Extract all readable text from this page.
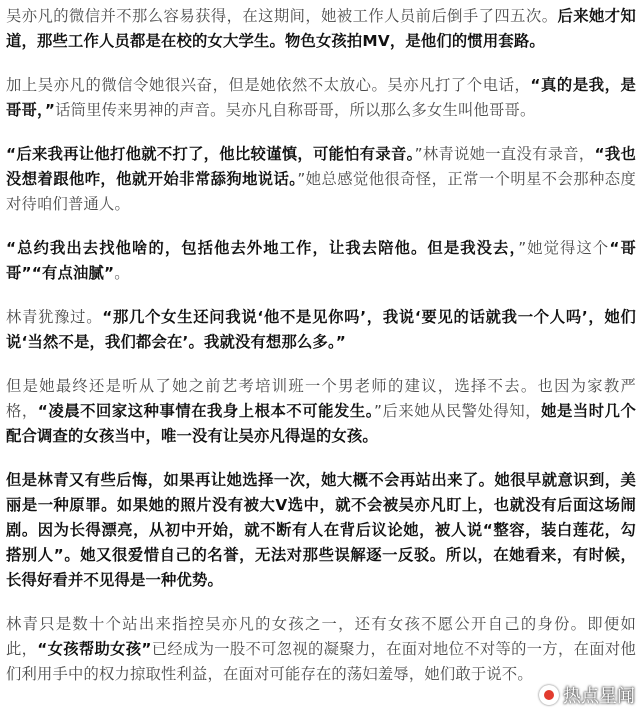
吴亦凡的微信并不那么容易获得，在这期间，她被工作人员前后倒手了四五次。后来她才知道，那些工作人员都是在校的女大学生。物色女孩拍MV，是他们的惯用套路。

加上吴亦凡的微信令她很兴奋，但是她依然不太放心。吴亦凡打了个电话，“真的是我，是哥哥，”话筒里传来男神的声音。吴亦凡自称哥哥，所以那么多女生叫他哥哥。

“后来我再让他打他就不打了，他比较谨慎，可能怕有录音。”林青说她一直没有录音，“我也没想着跟他咋，他就开始非常舔狗地说话。”她总感觉他很奇怪，正常一个明星不会那种态度对待咱们普通人。

“总约我出去找他啥的，包括他去外地工作，让我去陪他。但是我没去，”她觉得这个“哥哥”“有点油腻”。

林青犹豫过。“那几个女生还问我说‘他不是见你吗’，我说‘要见的话就我一个人吗’，她们说‘当然不是，我们都会在’。我就没有想那么多。”

但是她最终还是听从了她之前艺考培训班一个男老师的建议，选择不去。也因为家教严格，“凌晨不回家这种事情在我身上根本不可能发生。”后来她从民警处得知，她是当时几个配合调查的女孩当中，唯一没有让吴亦凡得逞的女孩。

但是林青又有些后悔，如果再让她选择一次，她大概不会再站出来了。她很早就意识到，美丽是一种原罪。如果她的照片没有被大V选中，就不会被吴亦凡盯上，也就没有后面这场闹剧。因为长得漂亮，从初中开始，就不断有人在背后议论她，被人说“整容，装白莲花，勾搭别人”。她又很爱惜自己的名誉，无法对那些误解逐一反驳。所以，在她看来，有时候，长得好看并不见得是一种优势。

林青只是数十个站出来指控吴亦凡的女孩之一，还有女孩不愿公开自己的身份。即便如此，“女孩帮助女孩”已经成为一股不可忽视的凝聚力，在面对地位不对等的一方，在面对他们利用手中的权力掠取性利益，在面对可能存在的荡妇羞辱，她们敢于说不。

热点星闻
